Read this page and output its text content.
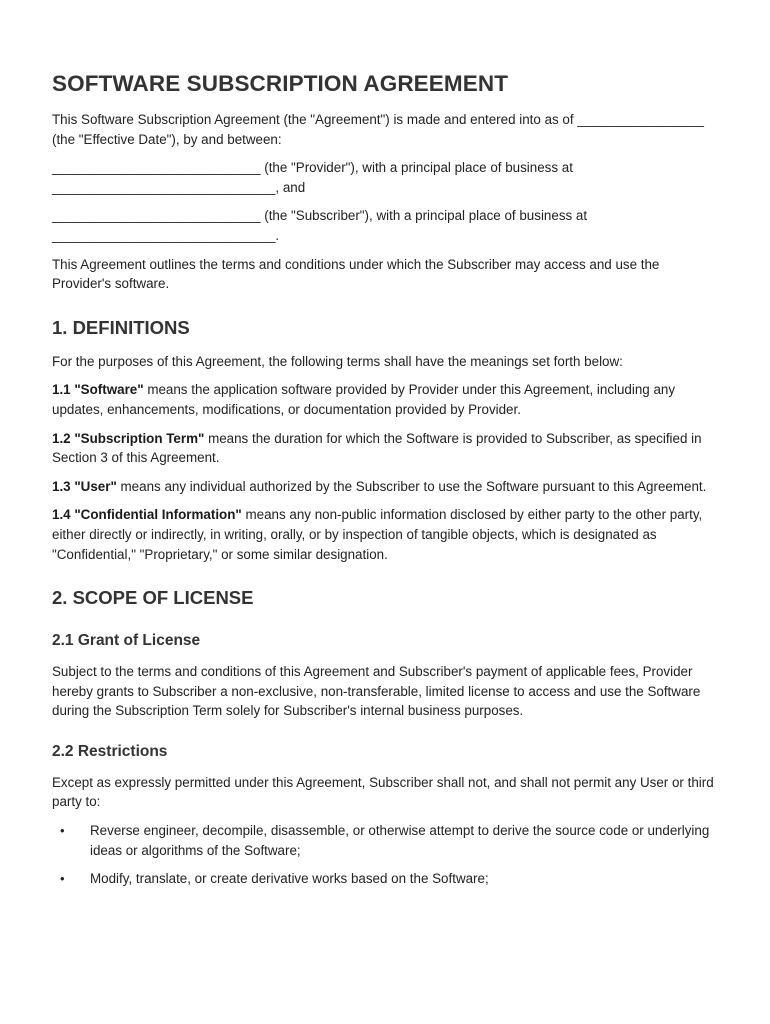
SOFTWARE SUBSCRIPTION AGREEMENT

This Software Subscription Agreement (the "Agreement") is made and entered into as of _________________ (the "Effective Date"), by and between:

____________________________ (the "Provider"), with a principal place of business at ______________________________, and

____________________________ (the "Subscriber"), with a principal place of business at ______________________________.

This Agreement outlines the terms and conditions under which the Subscriber may access and use the Provider's software.

1. DEFINITIONS

For the purposes of this Agreement, the following terms shall have the meanings set forth below:

1.1 "Software" means the application software provided by Provider under this Agreement, including any updates, enhancements, modifications, or documentation provided by Provider.

1.2 "Subscription Term" means the duration for which the Software is provided to Subscriber, as specified in Section 3 of this Agreement.

1.3 "User" means any individual authorized by the Subscriber to use the Software pursuant to this Agreement.

1.4 "Confidential Information" means any non-public information disclosed by either party to the other party, either directly or indirectly, in writing, orally, or by inspection of tangible objects, which is designated as "Confidential," "Proprietary," or some similar designation.

2. SCOPE OF LICENSE
2.1 Grant of License

Subject to the terms and conditions of this Agreement and Subscriber's payment of applicable fees, Provider hereby grants to Subscriber a non-exclusive, non-transferable, limited license to access and use the Software during the Subscription Term solely for Subscriber's internal business purposes.

2.2 Restrictions

Except as expressly permitted under this Agreement, Subscriber shall not, and shall not permit any User or third party to:

• Reverse engineer, decompile, disassemble, or otherwise attempt to derive the source code or underlying ideas or algorithms of the Software;
• Modify, translate, or create derivative works based on the Software;
